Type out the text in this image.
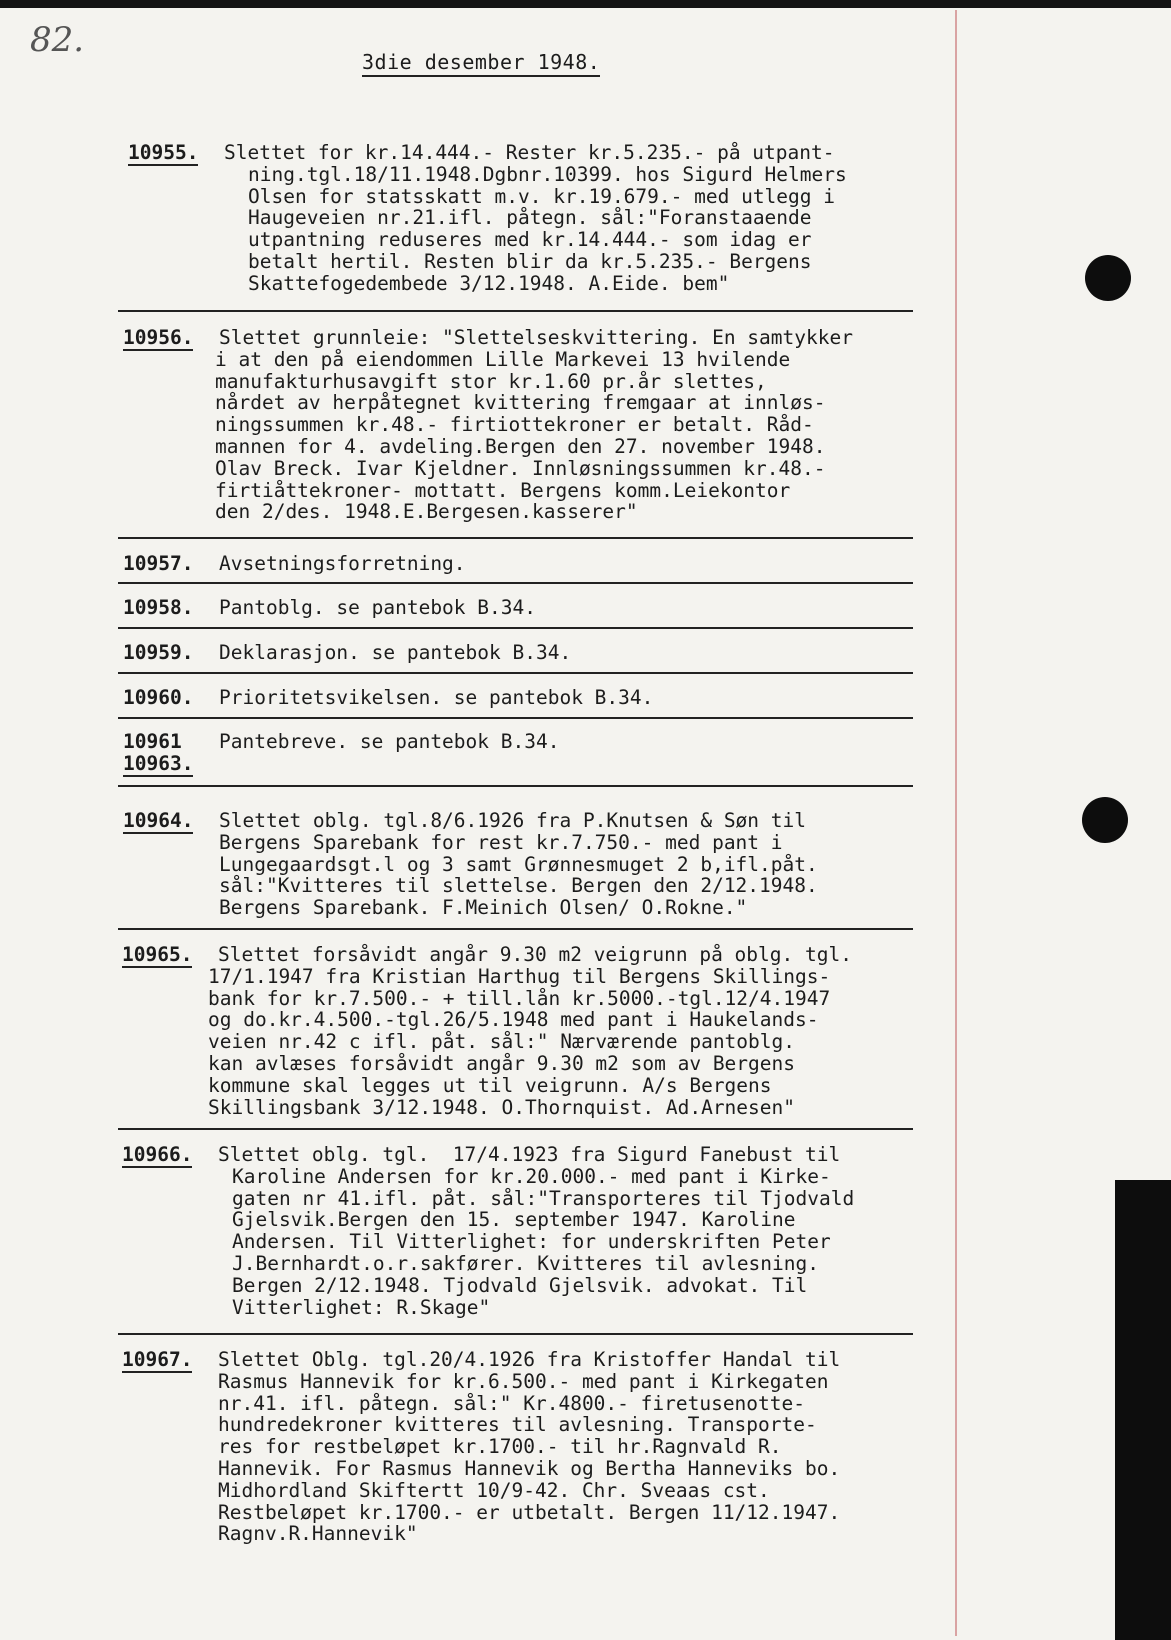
82.
3die desember 1948.
10955. Slettet for kr.14.444.- Rester kr.5.235.- på utpant-
ning.tgl.18/11.1948.Dgbnr.10399. hos Sigurd Helmers
Olsen for statsskatt m.v. kr.19.679.- med utlegg i
Haugeveien nr.21.ifl. påtegn. sål:"Foranstaaende
utpantning reduseres med kr.14.444.- som idag er
betalt hertil. Resten blir da kr.5.235.- Bergens
Skattefogedembede 3/12.1948. A.Eide. bem"
10956. Slettet grunnleie: "Slettelseskvittering. En samtykker
i at den på eiendommen Lille Markevei 13 hvilende
manufakturhusavgift stor kr.1.60 pr.år slettes,
nårdet av herpåtegnet kvittering fremgaar at innløs-
ningssummen kr.48.- firtiottekroner er betalt. Råd-
mannen for 4. avdeling.Bergen den 27. november 1948.
Olav Breck. Ivar Kjeldner. Innløsningssummen kr.48.-
firtiåttekroner- mottatt. Bergens komm.Leiekontor
den 2/des. 1948.E.Bergesen.kasserer"
10957. Avsetningsforretning.
10958. Pantoblg. se pantebok B.34.
10959. Deklarasjon. se pantebok B.34.
10960. Prioritetsvikelsen. se pantebok B.34.
10961
10963.
Pantebreve. se pantebok B.34.
10964. Slettet oblg. tgl.8/6.1926 fra P.Knutsen & Søn til
Bergens Sparebank for rest kr.7.750.- med pant i
Lungegaardsgt.l og 3 samt Grønnesmuget 2 b,ifl.påt.
sål:"Kvitteres til slettelse. Bergen den 2/12.1948.
Bergens Sparebank. F.Meinich Olsen/ O.Rokne."
10965. Slettet forsåvidt angår 9.30 m2 veigrunn på oblg. tgl.
17/1.1947 fra Kristian Harthug til Bergens Skillings-
bank for kr.7.500.- + till.lån kr.5000.-tgl.12/4.1947
og do.kr.4.500.-tgl.26/5.1948 med pant i Haukelands-
veien nr.42 c ifl. påt. sål:" Nærværende pantoblg.
kan avlæses forsåvidt angår 9.30 m2 som av Bergens
kommune skal legges ut til veigrunn. A/s Bergens
Skillingsbank 3/12.1948. O.Thornquist. Ad.Arnesen"
10966. Slettet oblg. tgl.  17/4.1923 fra Sigurd Fanebust til
Karoline Andersen for kr.20.000.- med pant i Kirke-
gaten nr 41.ifl. påt. sål:"Transporteres til Tjodvald
Gjelsvik.Bergen den 15. september 1947. Karoline
Andersen. Til Vitterlighet: for underskriften Peter
J.Bernhardt.o.r.sakfører. Kvitteres til avlesning.
Bergen 2/12.1948. Tjodvald Gjelsvik. advokat. Til
Vitterlighet: R.Skage"
10967. Slettet Oblg. tgl.20/4.1926 fra Kristoffer Handal til
Rasmus Hannevik for kr.6.500.- med pant i Kirkegaten
nr.41. ifl. påtegn. sål:" Kr.4800.- firetusenotte-
hundredekroner kvitteres til avlesning. Transporte-
res for restbeløpet kr.1700.- til hr.Ragnvald R.
Hannevik. For Rasmus Hannevik og Bertha Hanneviks bo.
Midhordland Skiftertt 10/9-42. Chr. Sveaas cst.
Restbeløpet kr.1700.- er utbetalt. Bergen 11/12.1947.
Ragnv.R.Hannevik"
